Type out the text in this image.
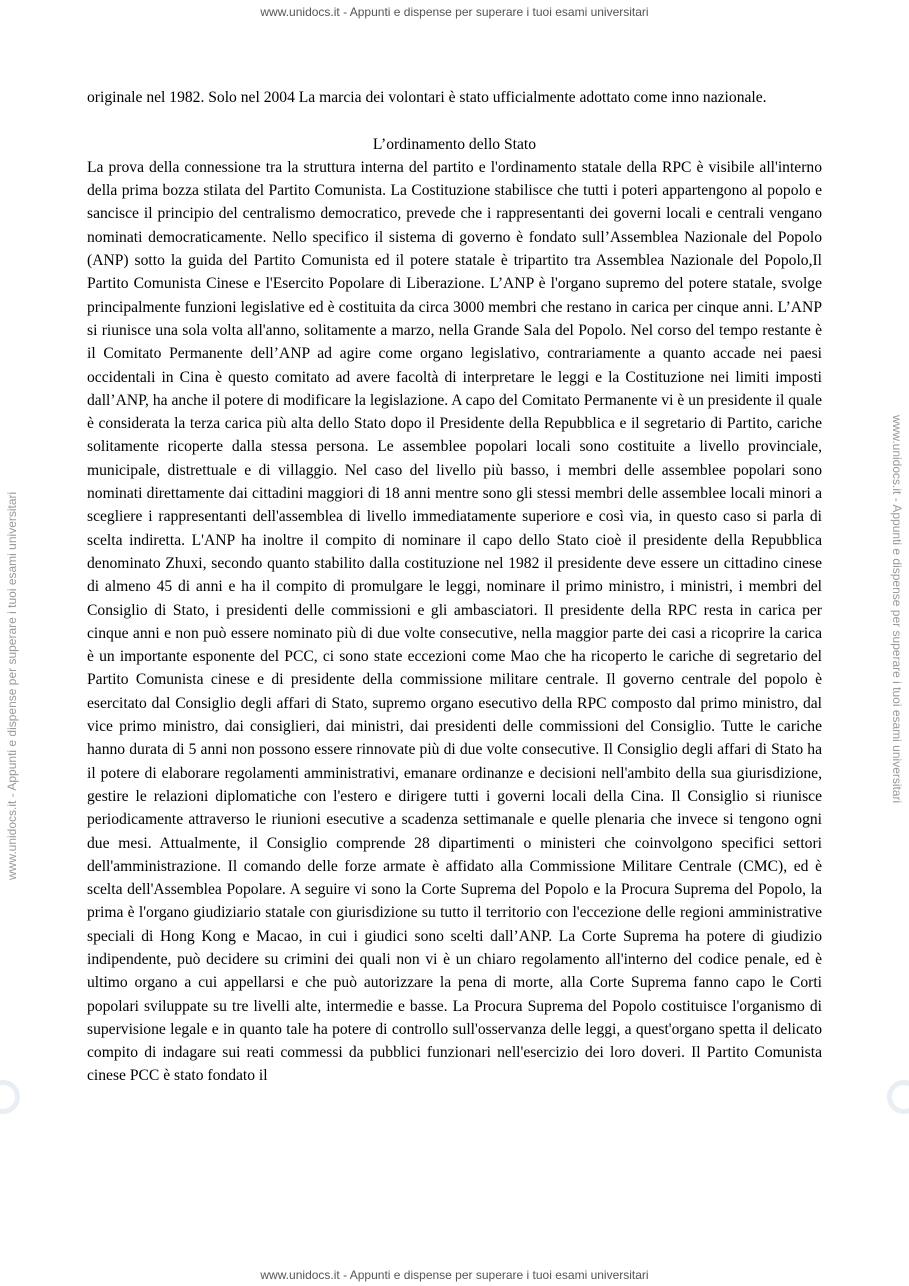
www.unidocs.it - Appunti e dispense per superare i tuoi esami universitari
www.unidocs.it - Appunti e dispense per superare i tuoi esami universitari	www.unidocs.it - Appunti e dispense per superare i tuoi esami universitari

originale nel 1982. Solo nel 2004 La marcia dei volontari è stato ufficialmente adottato come inno nazionale.

L’ordinamento dello Stato

La prova della connessione tra la struttura interna del partito e l'ordinamento statale della RPC è visibile all'interno della prima bozza stilata del Partito Comunista. La Costituzione stabilisce che tutti i poteri appartengono al popolo e sancisce il principio del centralismo democratico, prevede che i rappresentanti dei governi locali e centrali vengano nominati democraticamente. Nello specifico il sistema di governo è fondato sull’Assemblea Nazionale del Popolo (ANP) sotto la guida del Partito Comunista ed il potere statale è tripartito tra Assemblea Nazionale del Popolo,Il Partito Comunista Cinese e l'Esercito Popolare di Liberazione. L’ANP è l'organo supremo del potere statale, svolge principalmente funzioni legislative ed è costituita da circa 3000 membri che restano in carica per cinque anni. L’ANP si riunisce una sola volta all'anno, solitamente a marzo, nella Grande Sala del Popolo. Nel corso del tempo restante è il Comitato Permanente dell’ANP ad agire come organo legislativo, contrariamente a quanto accade nei paesi occidentali in Cina è questo comitato ad avere facoltà di interpretare le leggi e la Costituzione nei limiti imposti dall’ANP, ha anche il potere di modificare la legislazione. A capo del Comitato Permanente vi è un presidente il quale è considerata la terza carica più alta dello Stato dopo il Presidente della Repubblica e il segretario di Partito, cariche solitamente ricoperte dalla stessa persona. Le assemblee popolari locali sono costituite a livello provinciale, municipale, distrettuale e di villaggio. Nel caso del livello più basso, i membri delle assemblee popolari sono nominati direttamente dai cittadini maggiori di 18 anni mentre sono gli stessi membri delle assemblee locali minori a scegliere i rappresentanti dell'assemblea di livello immediatamente superiore e così via, in questo caso si parla di scelta indiretta. L'ANP ha inoltre il compito di nominare il capo dello Stato cioè il presidente della Repubblica denominato Zhuxi, secondo quanto stabilito dalla costituzione nel 1982 il presidente deve essere un cittadino cinese di almeno 45 di anni e ha il compito di promulgare le leggi, nominare il primo ministro, i ministri, i membri del Consiglio di Stato, i presidenti delle commissioni e gli ambasciatori. Il presidente della RPC resta in carica per cinque anni e non può essere nominato più di due volte consecutive, nella maggior parte dei casi a ricoprire la carica è un importante esponente del PCC, ci sono state eccezioni come Mao che ha ricoperto le cariche di segretario del Partito Comunista cinese e di presidente della commissione militare centrale. Il governo centrale del popolo è esercitato dal Consiglio degli affari di Stato, supremo organo esecutivo della RPC composto dal primo ministro, dal vice primo ministro, dai consiglieri, dai ministri, dai presidenti delle commissioni del Consiglio. Tutte le cariche hanno durata di 5 anni non possono essere rinnovate più di due volte consecutive. Il Consiglio degli affari di Stato ha il potere di elaborare regolamenti amministrativi, emanare ordinanze e decisioni nell'ambito della sua giurisdizione, gestire le relazioni diplomatiche con l'estero e dirigere tutti i governi locali della Cina. Il Consiglio si riunisce periodicamente attraverso le riunioni esecutive a scadenza settimanale e quelle plenaria che invece si tengono ogni due mesi. Attualmente, il Consiglio comprende 28 dipartimenti o ministeri che coinvolgono specifici settori dell'amministrazione. Il comando delle forze armate è affidato alla Commissione Militare Centrale (CMC), ed è scelta dell'Assemblea Popolare. A seguire vi sono la Corte Suprema del Popolo e la Procura Suprema del Popolo, la prima è l'organo giudiziario statale con giurisdizione su tutto il territorio con l'eccezione delle regioni amministrative speciali di Hong Kong e Macao, in cui i giudici sono scelti dall’ANP. La Corte Suprema ha potere di giudizio indipendente, può decidere su crimini dei quali non vi è un chiaro regolamento all'interno del codice penale, ed è ultimo organo a cui appellarsi e che può autorizzare la pena di morte, alla Corte Suprema fanno capo le Corti popolari sviluppate su tre livelli alte, intermedie e basse. La Procura Suprema del Popolo costituisce l'organismo di supervisione legale e in quanto tale ha potere di controllo sull'osservanza delle leggi, a quest'organo spetta il delicato compito di indagare sui reati commessi da pubblici funzionari nell'esercizio dei loro doveri. Il Partito Comunista cinese PCC è stato fondato il

www.unidocs.it - Appunti e dispense per superare i tuoi esami universitari
